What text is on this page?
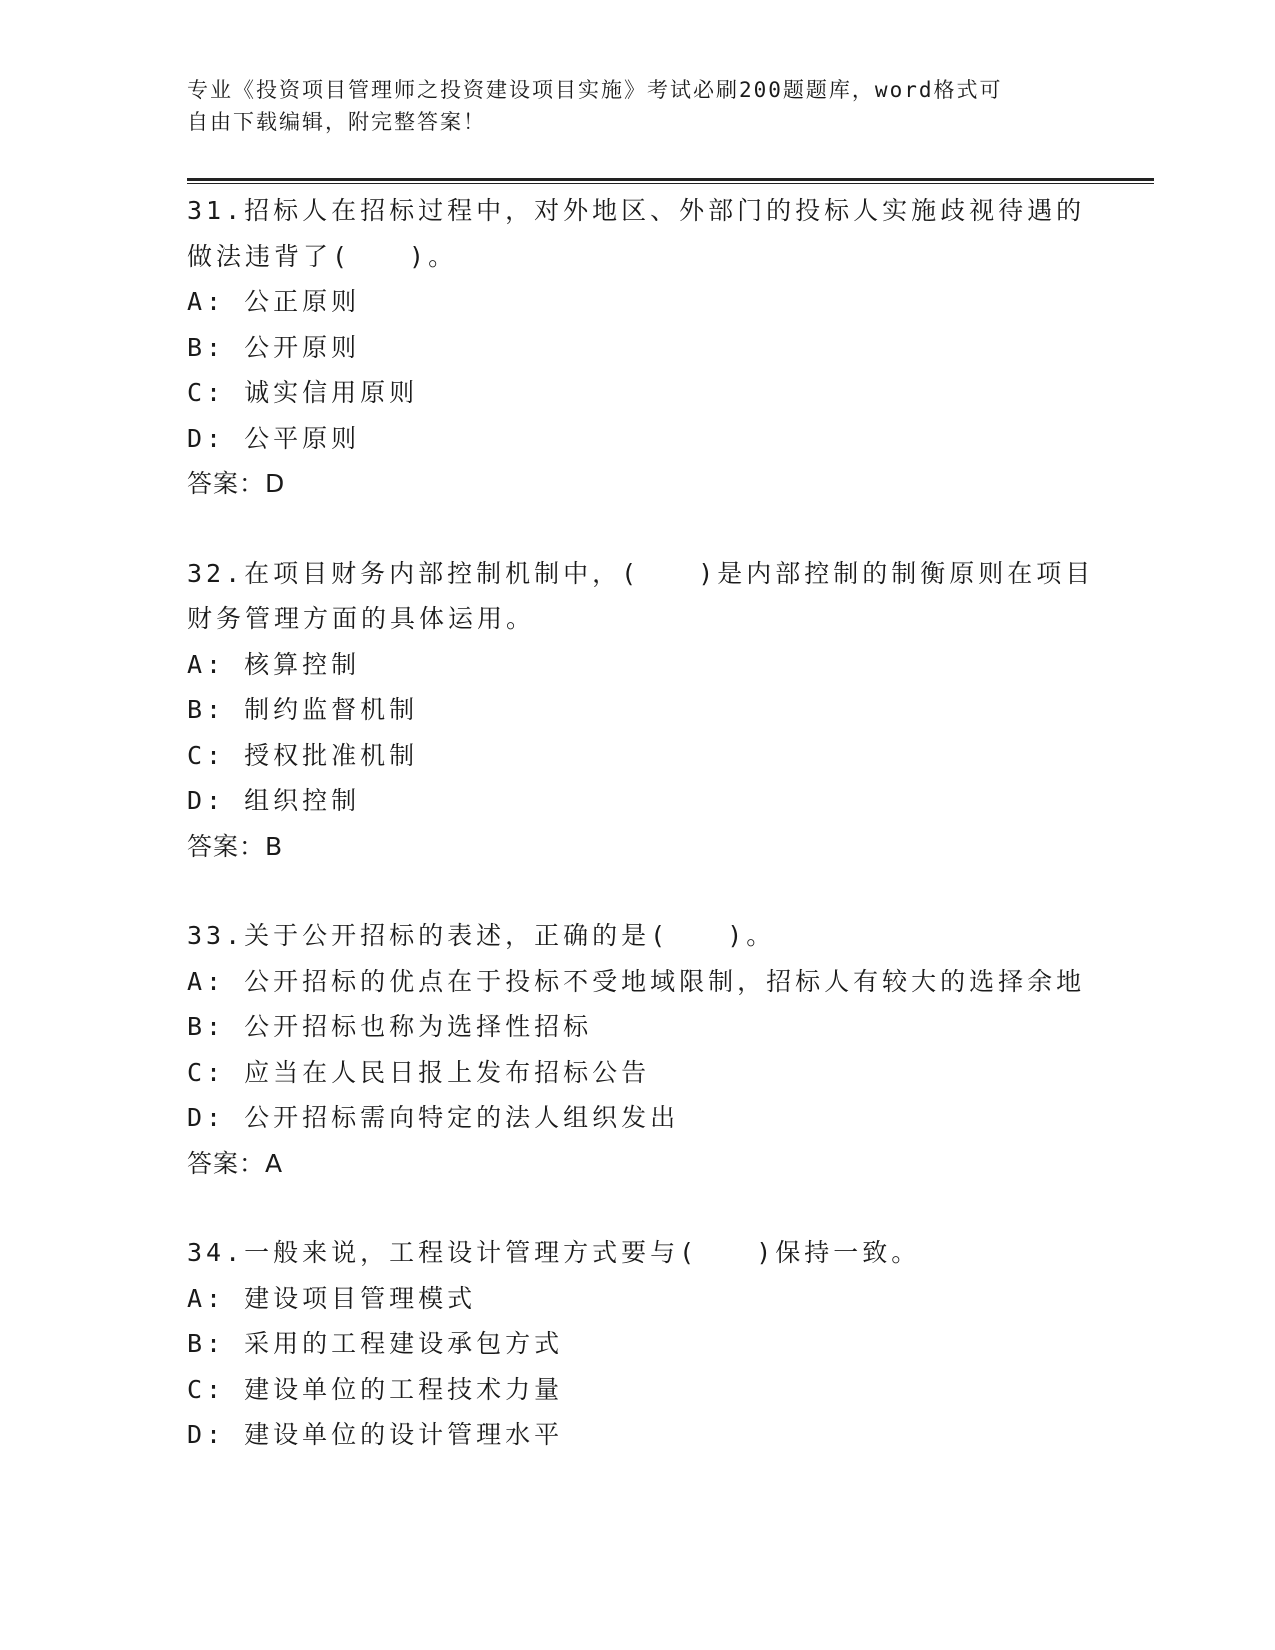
专业《投资项目管理师之投资建设项目实施》考试必刷200题题库，word格式可
自由下载编辑，附完整答案！
31.招标人在招标过程中，对外地区、外部门的投标人实施歧视待遇的
做法违背了(　　)。
A: 公正原则
B: 公开原则
C: 诚实信用原则
D: 公平原则
答案：D
32.在项目财务内部控制机制中，(　　)是内部控制的制衡原则在项目
财务管理方面的具体运用。
A: 核算控制
B: 制约监督机制
C: 授权批准机制
D: 组织控制
答案：B
33.关于公开招标的表述，正确的是(　　)。
A: 公开招标的优点在于投标不受地域限制，招标人有较大的选择余地
B: 公开招标也称为选择性招标
C: 应当在人民日报上发布招标公告
D: 公开招标需向特定的法人组织发出
答案：A
34.一般来说，工程设计管理方式要与(　　)保持一致。
A: 建设项目管理模式
B: 采用的工程建设承包方式
C: 建设单位的工程技术力量
D: 建设单位的设计管理水平
